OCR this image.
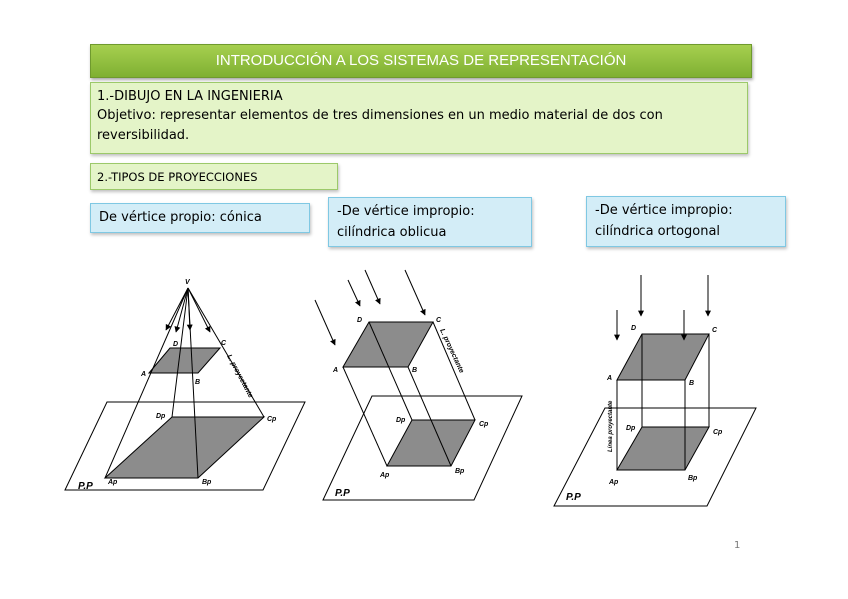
INTRODUCCIÓN A LOS SISTEMAS DE REPRESENTACIÓN
1.-DIBUJO EN LA INGENIERIA
Objetivo: representar elementos de tres dimensiones en un medio material de dos con reversibilidad.
2.-TIPOS DE PROYECCIONES
De vértice propio: cónica	-De vértice impropio:
cilíndrica oblicua
-De vértice impropio:
cilíndrica ortogonal
V
D	C
A
B
Dp	Cp
Ap	Bp
P.P
L. proyectante
D	C
A	B
Dp
Cp
Ap
Bp
P.P
L. proyectante	D	C
A
B
Dp
Cp
Ap
Bp
P.P
Línea proyectante
1
